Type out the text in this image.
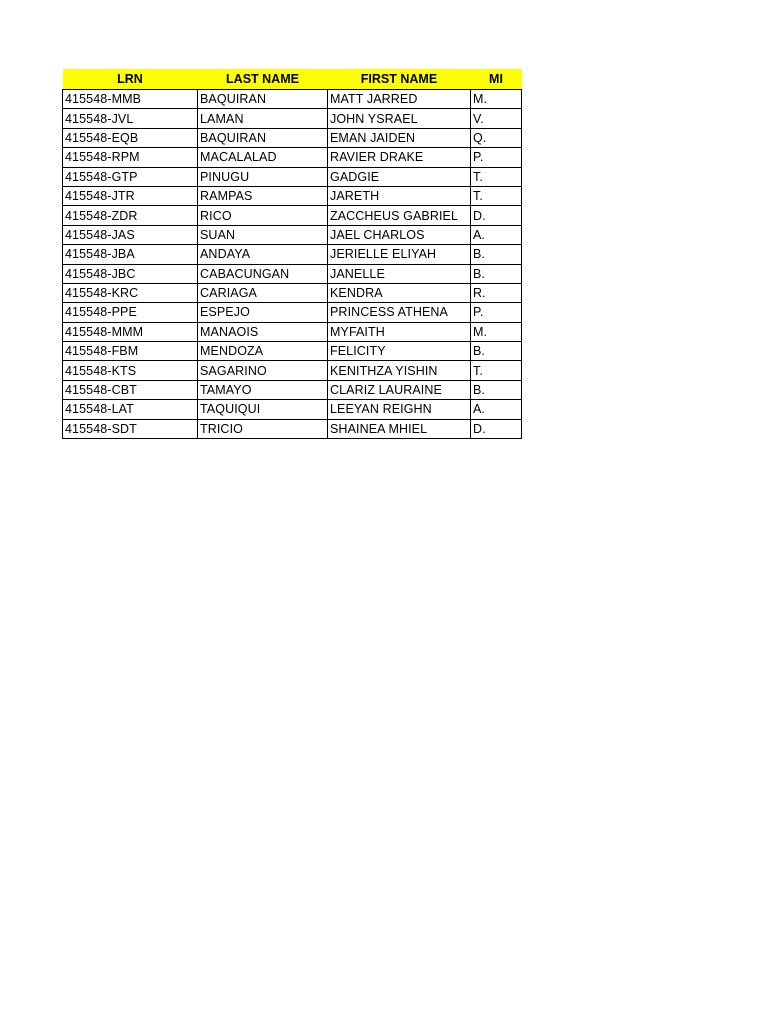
LRN	LAST NAME	FIRST NAME	MI
415548-MMB	BAQUIRAN	MATT JARRED	M.
415548-JVL	LAMAN	JOHN YSRAEL	V.
415548-EQB	BAQUIRAN	EMAN JAIDEN	Q.
415548-RPM	MACALALAD	RAVIER DRAKE	P.
415548-GTP	PINUGU	GADGIE	T.
415548-JTR	RAMPAS	JARETH	T.
415548-ZDR	RICO	ZACCHEUS GABRIEL	D.
415548-JAS	SUAN	JAEL CHARLOS	A.
415548-JBA	ANDAYA	JERIELLE ELIYAH	B.
415548-JBC	CABACUNGAN	JANELLE	B.
415548-KRC	CARIAGA	KENDRA	R.
415548-PPE	ESPEJO	PRINCESS ATHENA	P.
415548-MMM	MANAOIS	MYFAITH	M.
415548-FBM	MENDOZA	FELICITY	B.
415548-KTS	SAGARINO	KENITHZA YISHIN	T.
415548-CBT	TAMAYO	CLARIZ LAURAINE	B.
415548-LAT	TAQUIQUI	LEEYAN REIGHN	A.
415548-SDT	TRICIO	SHAINEA MHIEL	D.
